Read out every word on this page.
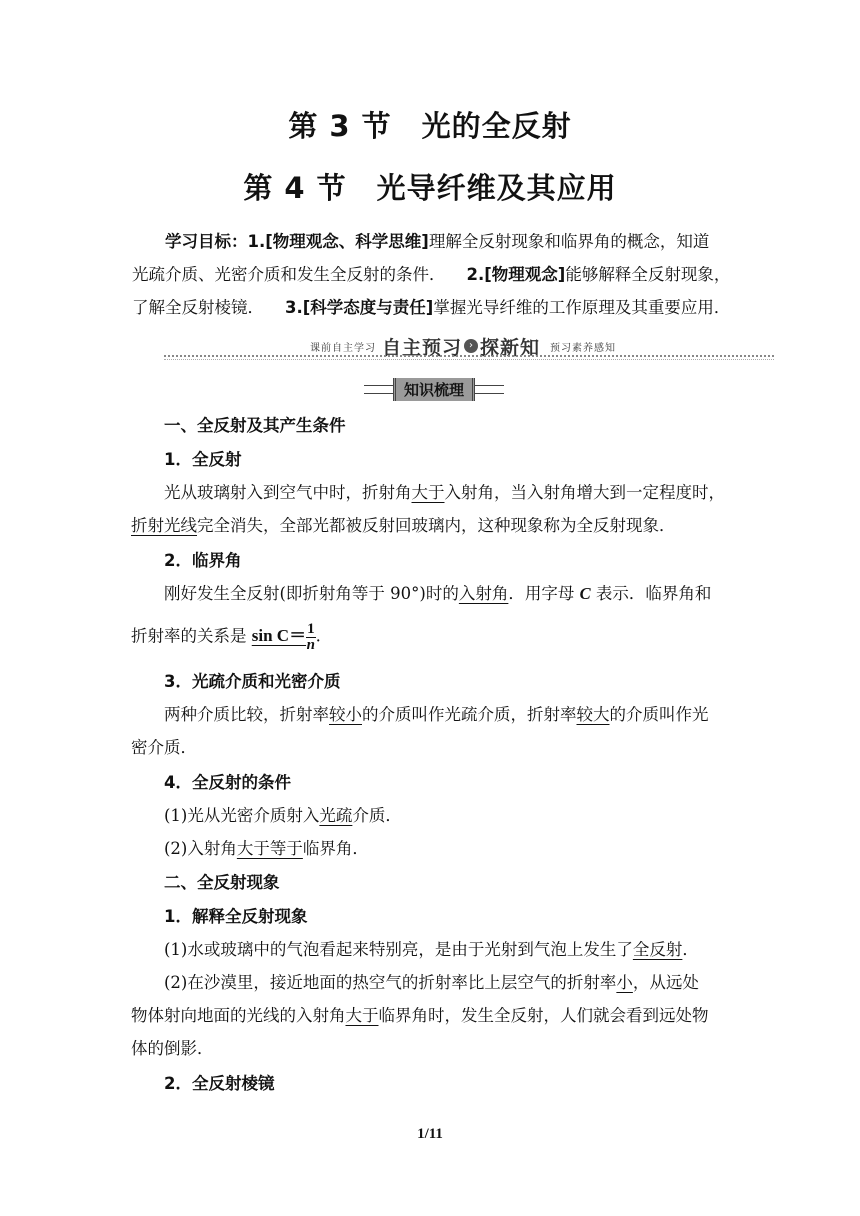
第 3 节　光的全反射
第 4 节　光导纤维及其应用
学习目标：1.[物理观念、科学思维]理解全反射现象和临界角的概念，知道
光疏介质、光密介质和发生全反射的条件． 2.[物理观念]能够解释全反射现象，
了解全反射棱镜． 3.[科学态度与责任]掌握光导纤维的工作原理及其重要应用．
课前自主学习 自主预习 › 探新知 预习素养感知
知识梳理
一、全反射及其产生条件
1．全反射
光从玻璃射入到空气中时，折射角大于入射角，当入射角增大到一定程度时，
折射光线完全消失，全部光都被反射回玻璃内，这种现象称为全反射现象．
2．临界角
刚好发生全反射(即折射角等于 90°)时的入射角．用字母 C 表示．临界角和
折射率的关系是 $\sin C= \frac{1}{n}$ .
3．光疏介质和光密介质
两种介质比较，折射率较小的介质叫作光疏介质，折射率较大的介质叫作光
密介质．
4．全反射的条件
(1)光从光密介质射入光疏介质．
(2)入射角大于等于临界角．
二、全反射现象
1．解释全反射现象
(1)水或玻璃中的气泡看起来特别亮，是由于光射到气泡上发生了全反射．
(2)在沙漠里，接近地面的热空气的折射率比上层空气的折射率小，从远处
物体射向地面的光线的入射角大于临界角时，发生全反射，人们就会看到远处物
体的倒影．
2．全反射棱镜
1/11
